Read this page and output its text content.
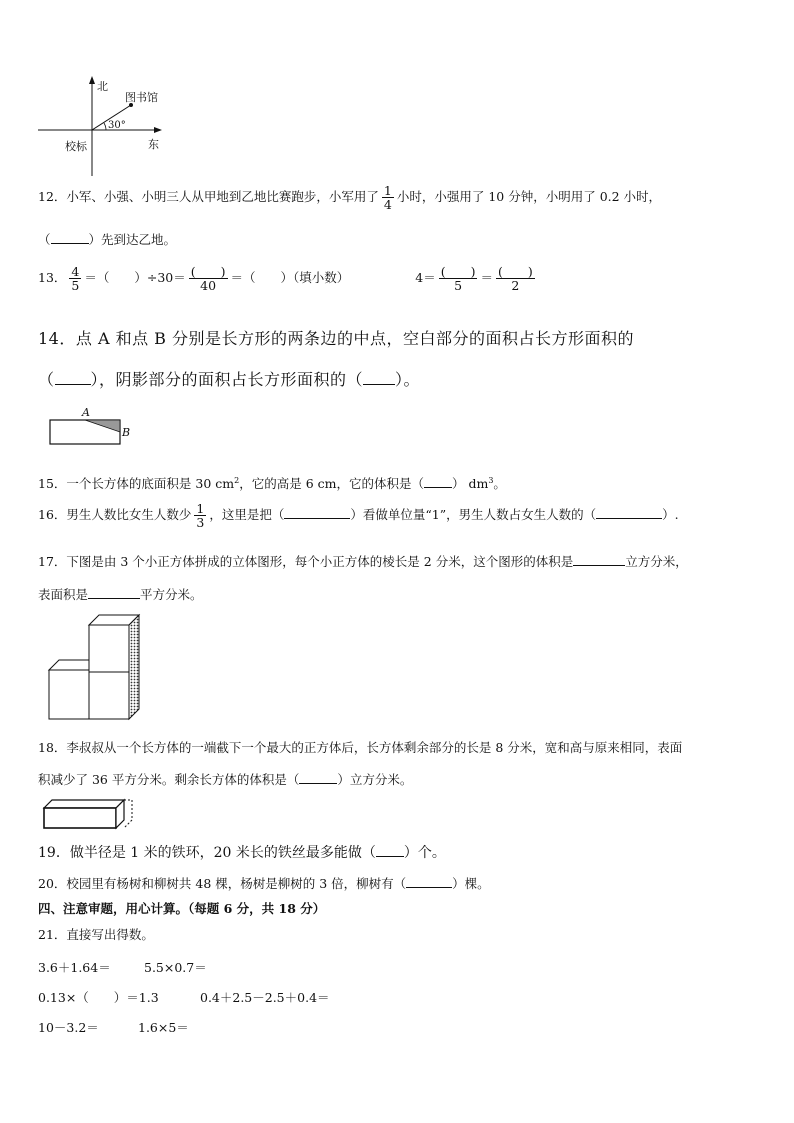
北
图书馆
30°
校标	东
12．小军、小强、小明三人从甲地到乙地比赛跑步，小军用了 $\frac{1}{4}$ 小时，小强用了 10 分钟，小明用了 0.2 小时，
（	）先到达乙地。
13． $\frac{4}{5}$ ＝（　　）$\div 30= \frac{( )}{40}$ ＝（　　）（填小数）	$4= \frac{( )}{5} = \frac{( )}{2}$
14．点 A 和点 B 分别是长方形的两条边的中点，空白部分的面积占长方形面积的
（ ），阴影部分的面积占长方形面积的（ ）。
A
B
15．一个长方体的底面积是 30 $cm^2$，它的高是 6 cm，它的体积是（ ） $dm^3$。
16．男生人数比女生人数少 $\frac{1}{3}$ ，这里是把（	）看做单位量“1”，男生人数占女生人数的（	）.
17．下图是由 3 个小正方体拼成的立体图形，每个小正方体的棱长是 2 分米，这个图形的体积是	立方分米，
表面积是	平方分米。
18．李叔叔从一个长方体的一端截下一个最大的正方体后，长方体剩余部分的长是 8 分米，宽和高与原来相同，表面
积减少了 36 平方分米。剩余长方体的体积是（	）立方分米。
19．做半径是 1 米的铁环，20 米长的铁丝最多能做（ ）个。
20．校园里有杨树和柳树共 48 棵，杨树是柳树的 3 倍，柳树有（	）棵。
四、注意审题，用心计算。（每题 6 分，共 18 分）
21．直接写出得数。
3.6＋1.64＝	5.5×0.7＝
0.13×（　　）＝1.3	0.4＋2.5－2.5＋0.4＝
10－3.2＝	1.6×5＝
